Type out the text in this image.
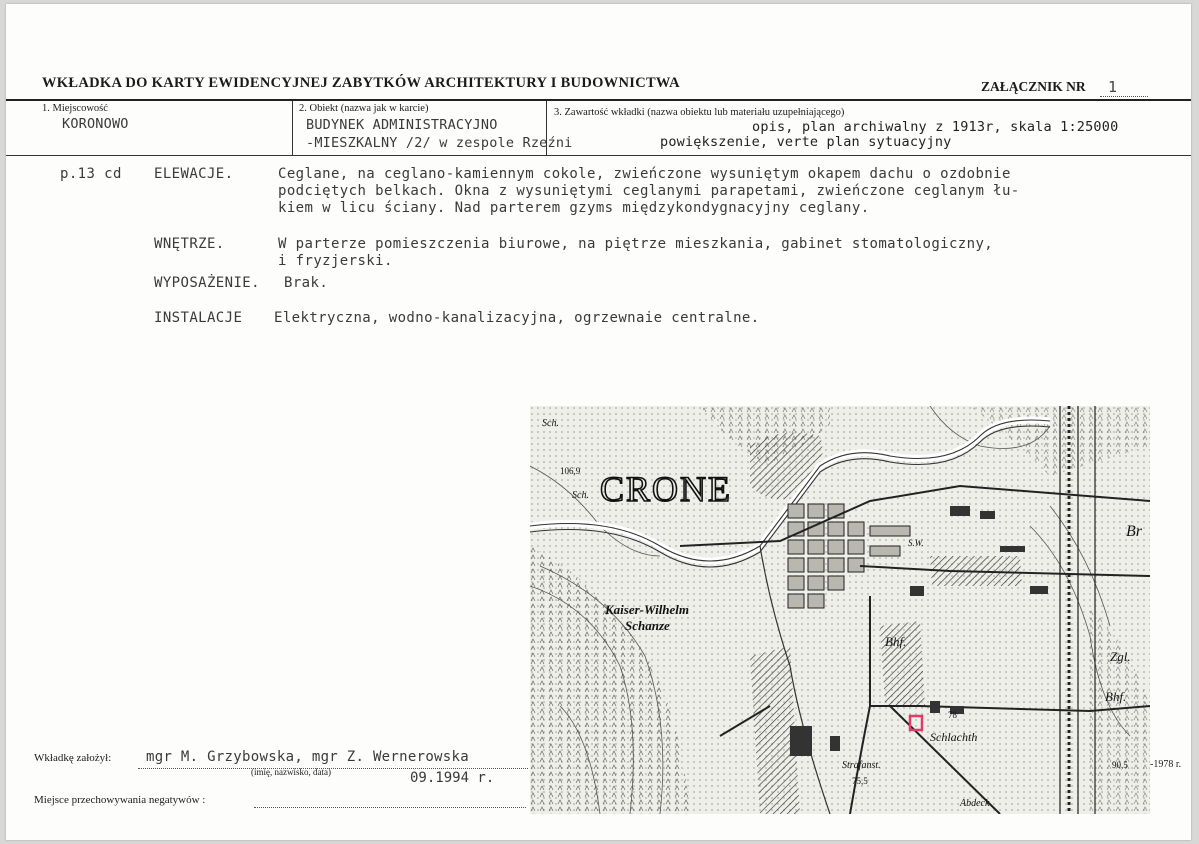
WKŁADKA DO KARTY EWIDENCYJNEJ ZABYTKÓW ARCHITEKTURY I BUDOWNICTWA	ZAŁĄCZNIK NR 1
1. Miejscowość
KORONOWO
2. Obiekt (nazwa jak w karcie)
BUDYNEK ADMINISTRACYJNO
-MIESZKALNY /2/ w zespole Rzeźni
3. Zawartość wkładki (nazwa obiektu lub materiału uzupełniającego)
opis, plan archiwalny z 1913r, skala 1:25000
powiększenie, verte plan sytuacyjny
p.13 cd ELEWACJE.	Ceglane, na ceglano-kamiennym cokole, zwieńczone wysuniętym okapem dachu o ozdobnie
podciętych belkach. Okna z wysuniętymi ceglanymi parapetami, zwieńczone ceglanym łu-
kiem w licu ściany. Nad parterem gzyms międzykondygnacyjny ceglany.
WNĘTRZE.	W parterze pomieszczenia biurowe, na piętrze mieszkania, gabinet stomatologiczny,
i fryzjerski.
WYPOSAŻENIE. Brak.
INSTALACJE Elektryczna, wodno-kanalizacyjna, ogrzewnaie centralne.
CRONE
Kaiser-Wilhelm
Schanze
Schlachth
Bhf.
Bhf.
Zgl.
106,9
78
75,5
90,5
Sch.
Sch.
Br
S.W.
Strafanst.
Abdeck
Wkładkę założył: mgr M. Grzybowska, mgr Z. Wernerowska
(imię, nazwisko, data)	09.1994 r.
-1978 r.
Miejsce przechowywania negatywów :
